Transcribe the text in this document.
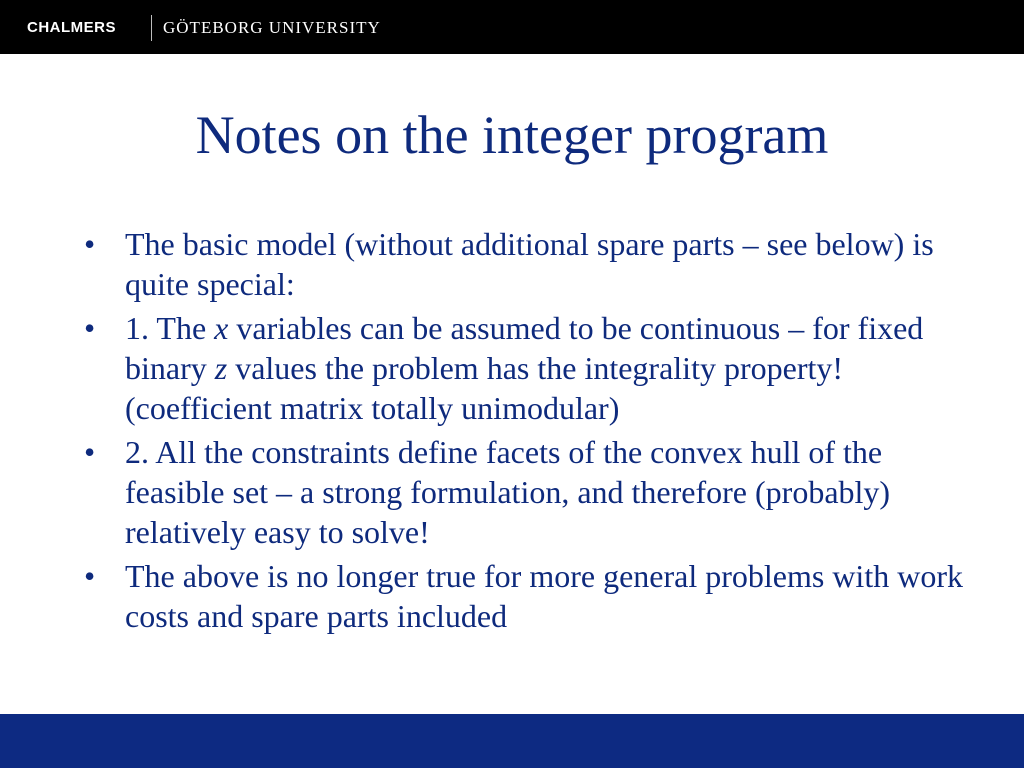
CHALMERS	GÖTEBORG UNIVERSITY
Notes on the integer program
• The basic model (without additional spare parts – see below) is quite special:
• 1. The x variables can be assumed to be continuous – for fixed binary z values the problem has the integrality property! (coefficient matrix totally unimodular)
• 2. All the constraints define facets of the convex hull of the feasible set – a strong formulation, and therefore (probably) relatively easy to solve!
• The above is no longer true for more general problems with work costs and spare parts included
